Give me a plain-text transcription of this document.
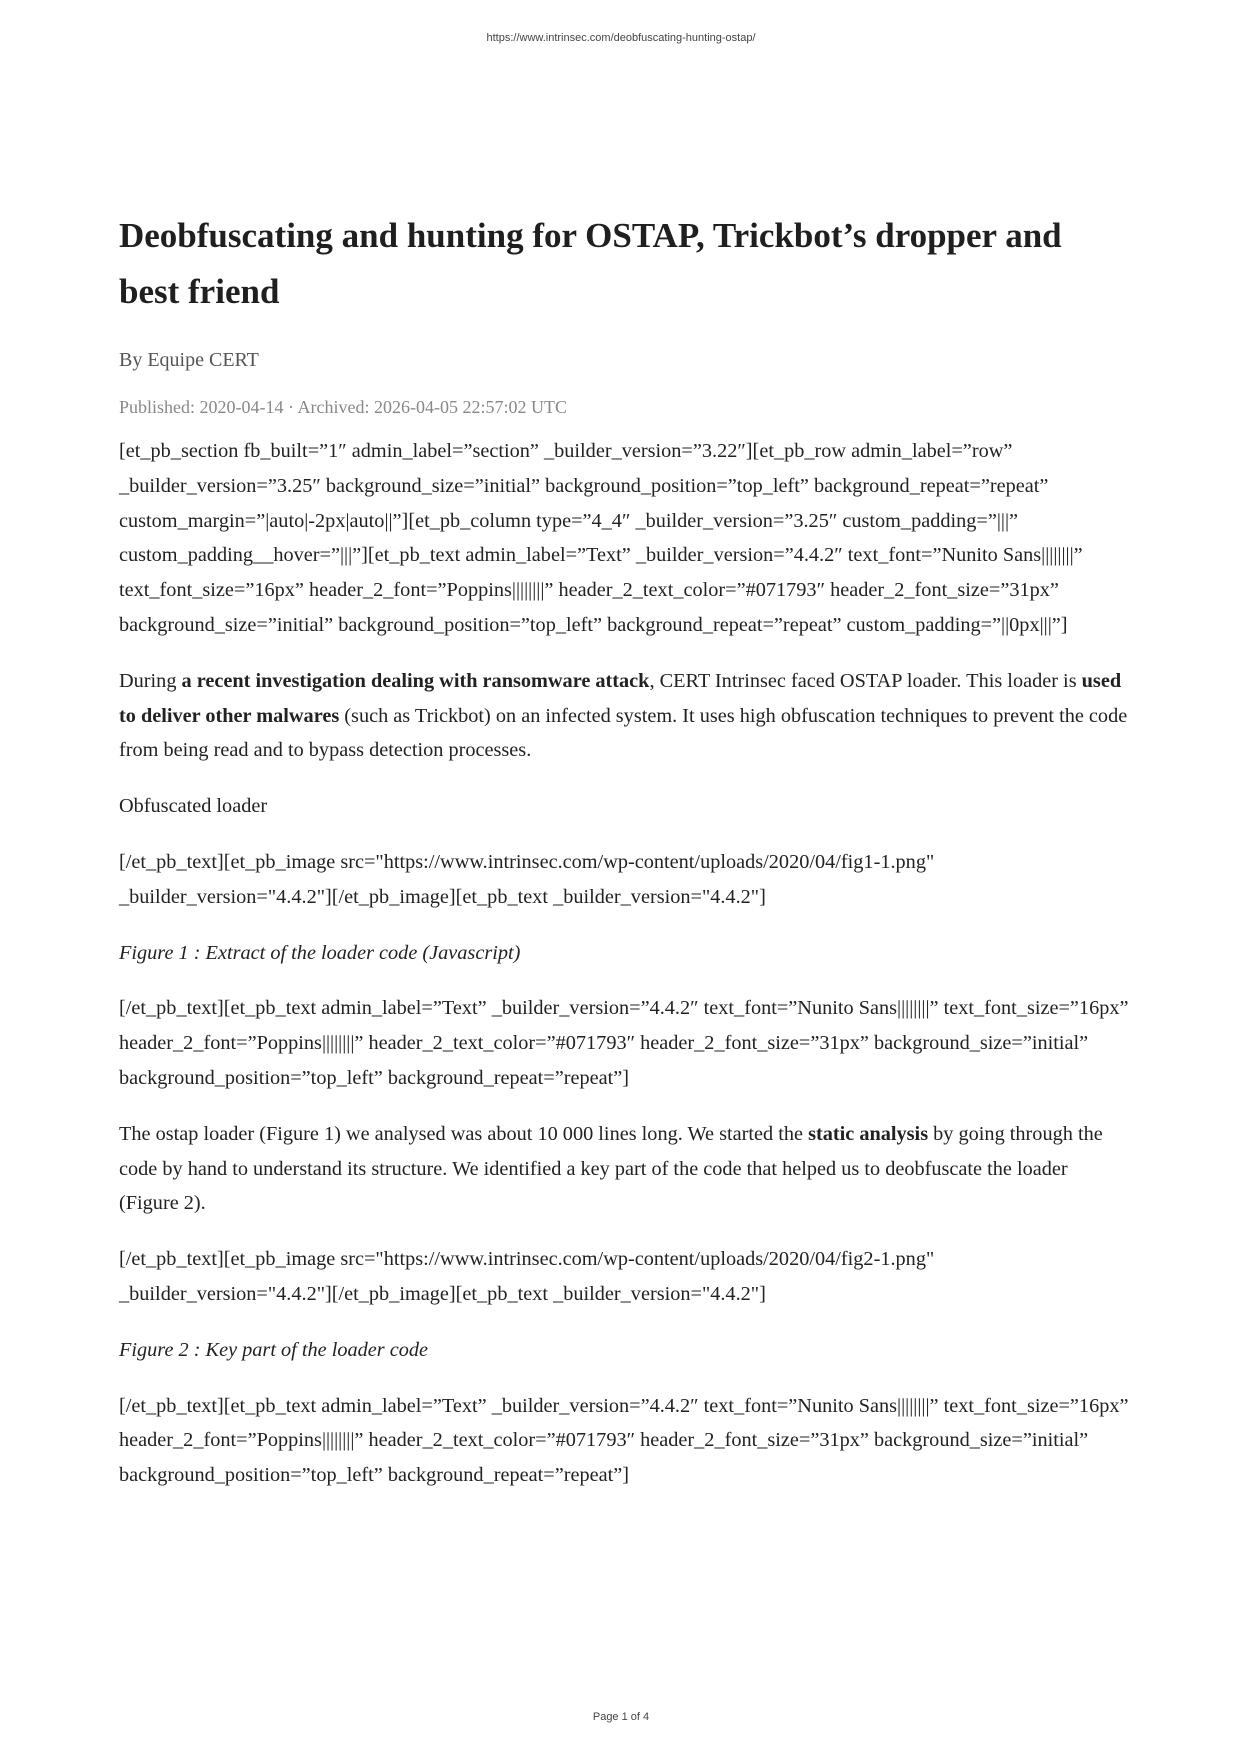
https://www.intrinsec.com/deobfuscating-hunting-ostap/
Deobfuscating and hunting for OSTAP, Trickbot’s dropper and best friend
By Equipe CERT
Published: 2020-04-14 · Archived: 2026-04-05 22:57:02 UTC

[et_pb_section fb_built=”1″ admin_label=”section” _builder_version=”3.22″][et_pb_row admin_label=”row” _builder_version=”3.25″ background_size=”initial” background_position=”top_left” background_repeat=”repeat” custom_margin=”|auto|-2px|auto||”][et_pb_column type=”4_4″ _builder_version=”3.25″ custom_padding=”|||” custom_padding__hover=”|||”][et_pb_text admin_label=”Text” _builder_version=”4.4.2″ text_font=”Nunito Sans||||||||” text_font_size=”16px” header_2_font=”Poppins||||||||” header_2_text_color=”#071793″ header_2_font_size=”31px” background_size=”initial” background_position=”top_left” background_repeat=”repeat” custom_padding=”||0px|||”]

During a recent investigation dealing with ransomware attack, CERT Intrinsec faced OSTAP loader. This loader is used to deliver other malwares (such as Trickbot) on an infected system. It uses high obfuscation techniques to prevent the code from being read and to bypass detection processes.

Obfuscated loader

[/et_pb_text][et_pb_image src="https://www.intrinsec.com/wp-content/uploads/2020/04/fig1-1.png" _builder_version="4.4.2"][/et_pb_image][et_pb_text _builder_version="4.4.2"]

Figure 1 : Extract of the loader code (Javascript)

[/et_pb_text][et_pb_text admin_label=”Text” _builder_version=”4.4.2″ text_font=”Nunito Sans||||||||” text_font_size=”16px” header_2_font=”Poppins||||||||” header_2_text_color=”#071793″ header_2_font_size=”31px” background_size=”initial” background_position=”top_left” background_repeat=”repeat”]

The ostap loader (Figure 1) we analysed was about 10 000 lines long. We started the static analysis by going through the code by hand to understand its structure. We identified a key part of the code that helped us to deobfuscate the loader (Figure 2).

[/et_pb_text][et_pb_image src="https://www.intrinsec.com/wp-content/uploads/2020/04/fig2-1.png" _builder_version="4.4.2"][/et_pb_image][et_pb_text _builder_version="4.4.2"]

Figure 2 : Key part of the loader code

[/et_pb_text][et_pb_text admin_label=”Text” _builder_version=”4.4.2″ text_font=”Nunito Sans||||||||” text_font_size=”16px” header_2_font=”Poppins||||||||” header_2_text_color=”#071793″ header_2_font_size=”31px” background_size=”initial” background_position=”top_left” background_repeat=”repeat”]

Page 1 of 4
